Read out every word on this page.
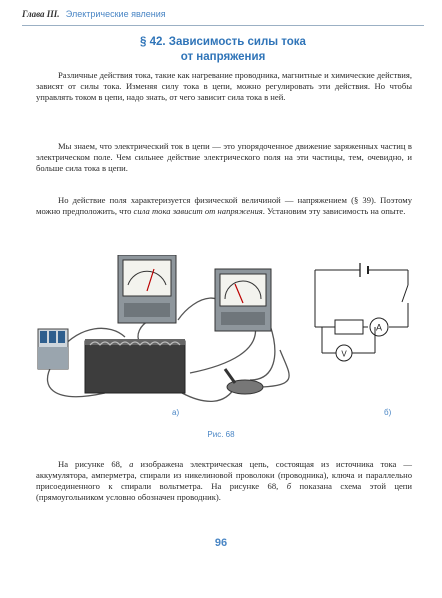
Глава III. Электрические явления
§ 42. Зависимость силы тока
от напряжения

Различные действия тока, такие как нагревание проводника, магнитные и химические действия, зависят от силы тока. Изменяя силу тока в цепи, можно регулировать эти действия. Но чтобы управлять током в цепи, надо знать, от чего зависит сила тока в ней.

Мы знаем, что электрический ток в цепи — это упорядоченное движение заряженных частиц в электрическом поле. Чем сильнее действие электрического поля на эти частицы, тем, очевидно, и больше сила тока в цепи.

Но действие поля характеризуется физической величиной — напряжением (§ 39). Поэтому можно предположить, что сила тока зависит от напряжения. Установим эту зависимость на опыте.

A
V
а)	б)
Рис. 68

На рисунке 68, а изображена электрическая цепь, состоящая из источника тока — аккумулятора, амперметра, спирали из никелиновой проволоки (проводника), ключа и параллельно присоединенного к спирали вольтметра. На рисунке 68, б показана схема этой цепи (прямоугольником условно обозначен проводник).

96
